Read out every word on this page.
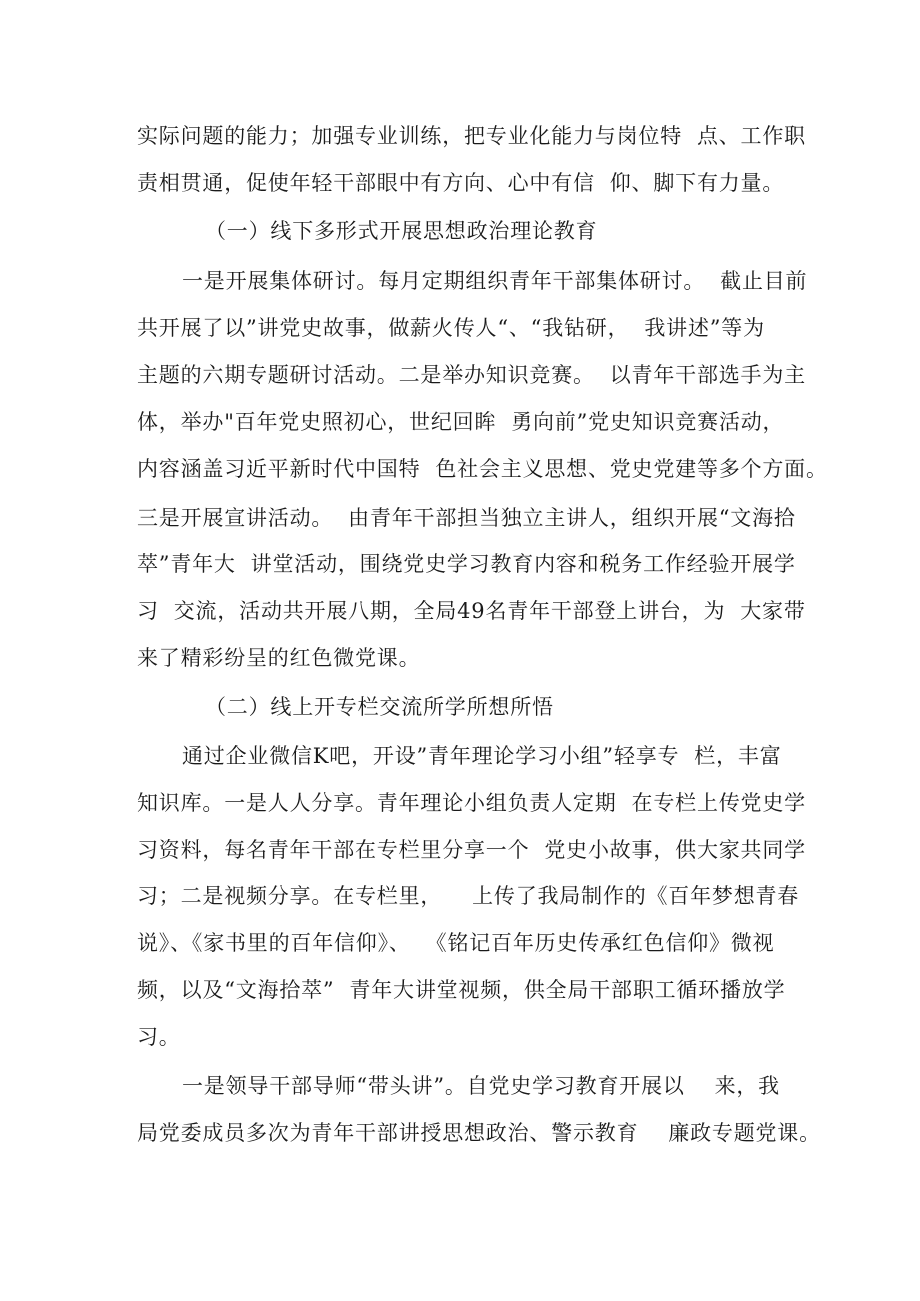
实际问题的能力；加强专业训练，把专业化能力与岗位特  点、工作职
责相贯通，促使年轻干部眼中有方向、心中有信  仰、脚下有力量。
（一）线下多形式开展思想政治理论教育
一是开展集体研讨。每月定期组织青年干部集体研讨。  截止目前
共开展了以”讲党史故事，做薪火传人“、“我钻研，  我讲述”等为
主题的六期专题研讨活动。二是举办知识竞赛。  以青年干部选手为主
体，举办"百年党史照初心，世纪回眸  勇向前”党史知识竞赛活动，
内容涵盖习近平新时代中国特  色社会主义思想、党史党建等多个方面。
三是开展宣讲活动。  由青年干部担当独立主讲人，组织开展“文海拾
萃”青年大  讲堂活动，围绕党史学习教育内容和税务工作经验开展学
习  交流，活动共开展八期，全局49名青年干部登上讲台，为  大家带
来了精彩纷呈的红色微党课。
（二）线上开专栏交流所学所想所悟
通过企业微信K吧，开设”青年理论学习小组”轻享专  栏，丰富
知识库。一是人人分享。青年理论小组负责人定期  在专栏上传党史学
习资料，每名青年干部在专栏里分享一个  党史小故事，供大家共同学
习；二是视频分享。在专栏里，    上传了我局制作的《百年梦想青春
说》、《家书里的百年信仰》、  《铭记百年历史传承红色信仰》微视
频，以及“文海拾萃”  青年大讲堂视频，供全局干部职工循环播放学
习。
一是领导干部导师“带头讲”。自党史学习教育开展以    来，我
局党委成员多次为青年干部讲授思想政治、警示教育    廉政专题党课。
